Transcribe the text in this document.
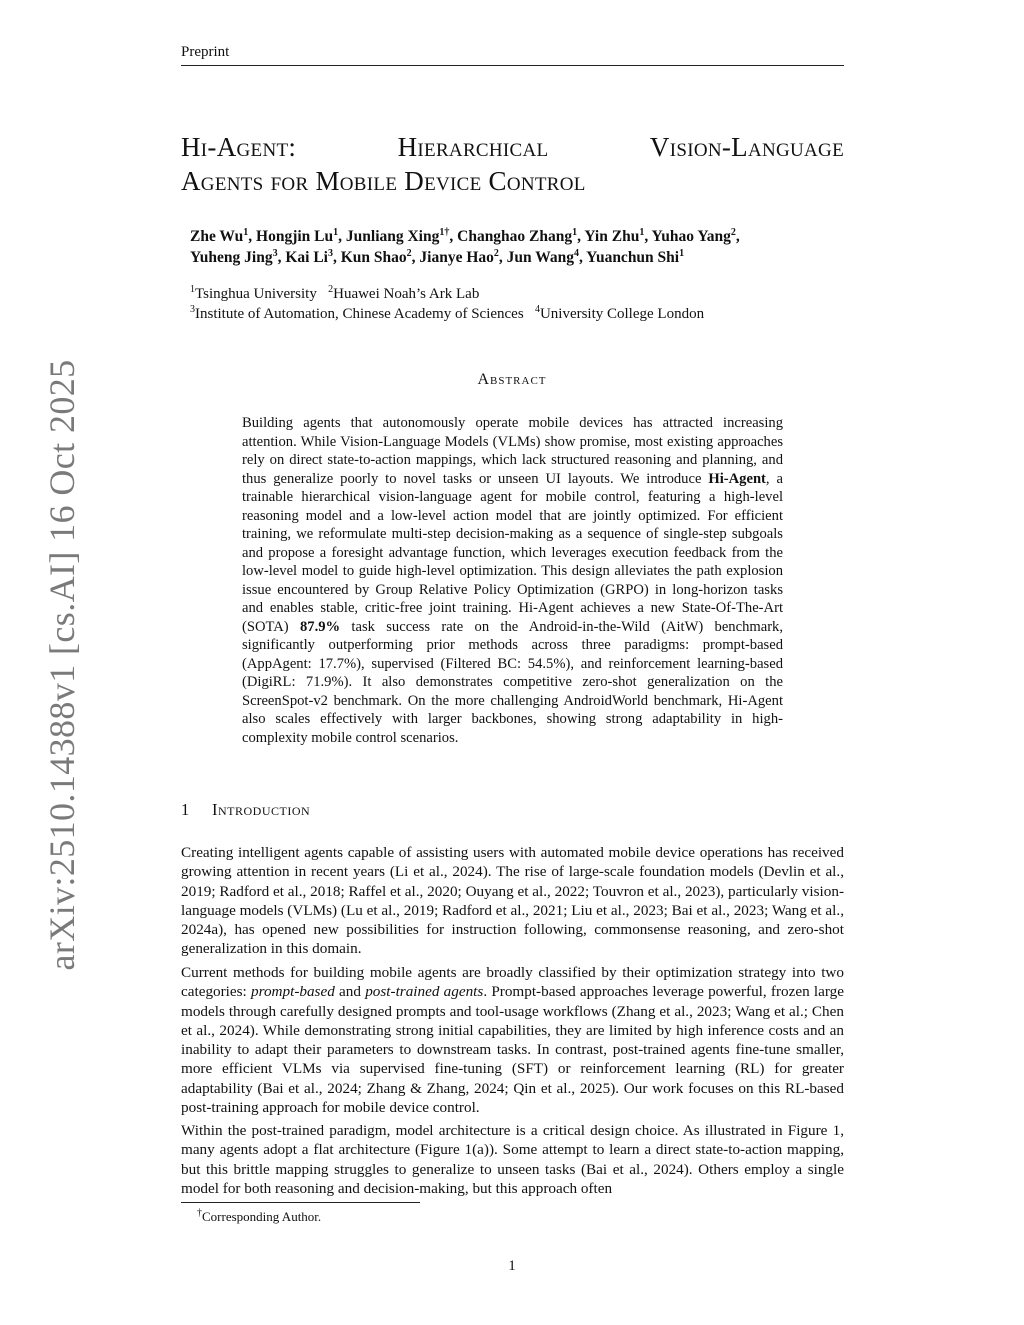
Preprint
Hi-Agent:	Hierarchical	Vision-Language
Agents for Mobile Device Control
Zhe Wu$^1$, Hongjin Lu$^1$, Junliang Xing$^{1\dagger}$, Changhao Zhang$^1$, Yin Zhu$^1$, Yuhao Yang$^2$,
Yuheng Jing$^3$, Kai Li$^3$, Kun Shao$^2$, Jianye Hao$^2$, Jun Wang$^4$, Yuanchun Shi$^1$
$^1$Tsinghua University   $^2$Huawei Noah’s Ark Lab
$^3$Institute of Automation, Chinese Academy of Sciences   $^4$University College London
Abstract
Building agents that autonomously operate mobile devices has attracted increasing attention. While Vision-Language Models (VLMs) show promise, most existing approaches rely on direct state-to-action mappings, which lack structured reasoning and planning, and thus generalize poorly to novel tasks or unseen UI layouts. We introduce Hi-Agent, a trainable hierarchical vision-language agent for mobile control, featuring a high-level reasoning model and a low-level action model that are jointly optimized. For efficient training, we reformulate multi-step decision-making as a sequence of single-step subgoals and propose a foresight advantage function, which leverages execution feedback from the low-level model to guide high-level optimization. This design alleviates the path explosion issue encountered by Group Relative Policy Optimization (GRPO) in long-horizon tasks and enables stable, critic-free joint training. Hi-Agent achieves a new State-Of-The-Art (SOTA) 87.9% task success rate on the Android-in-the-Wild (AitW) benchmark, significantly outperforming prior methods across three paradigms: prompt-based (AppAgent: 17.7%), supervised (Filtered BC: 54.5%), and reinforcement learning-based (DigiRL: 71.9%). It also demonstrates competitive zero-shot generalization on the ScreenSpot-v2 benchmark. On the more challenging AndroidWorld benchmark, Hi-Agent also scales effectively with larger backbones, showing strong adaptability in high-complexity mobile control scenarios.
1 Introduction
Creating intelligent agents capable of assisting users with automated mobile device operations has received growing attention in recent years (Li et al., 2024). The rise of large-scale foundation models (Devlin et al., 2019; Radford et al., 2018; Raffel et al., 2020; Ouyang et al., 2022; Touvron et al., 2023), particularly vision-language models (VLMs) (Lu et al., 2019; Radford et al., 2021; Liu et al., 2023; Bai et al., 2023; Wang et al., 2024a), has opened new possibilities for instruction following, commonsense reasoning, and zero-shot generalization in this domain.
Current methods for building mobile agents are broadly classified by their optimization strategy into two categories: prompt-based and post-trained agents. Prompt-based approaches leverage powerful, frozen large models through carefully designed prompts and tool-usage workflows (Zhang et al., 2023; Wang et al.; Chen et al., 2024). While demonstrating strong initial capabilities, they are limited by high inference costs and an inability to adapt their parameters to downstream tasks. In contrast, post-trained agents fine-tune smaller, more efficient VLMs via supervised fine-tuning (SFT) or reinforcement learning (RL) for greater adaptability (Bai et al., 2024; Zhang & Zhang, 2024; Qin et al., 2025). Our work focuses on this RL-based post-training approach for mobile device control.
Within the post-trained paradigm, model architecture is a critical design choice. As illustrated in Figure 1, many agents adopt a flat architecture (Figure 1(a)). Some attempt to learn a direct state-to-action mapping, but this brittle mapping struggles to generalize to unseen tasks (Bai et al., 2024). Others employ a single model for both reasoning and decision-making, but this approach often
†Corresponding Author.
1
arXiv:2510.14388v1 [cs.AI] 16 Oct 2025
